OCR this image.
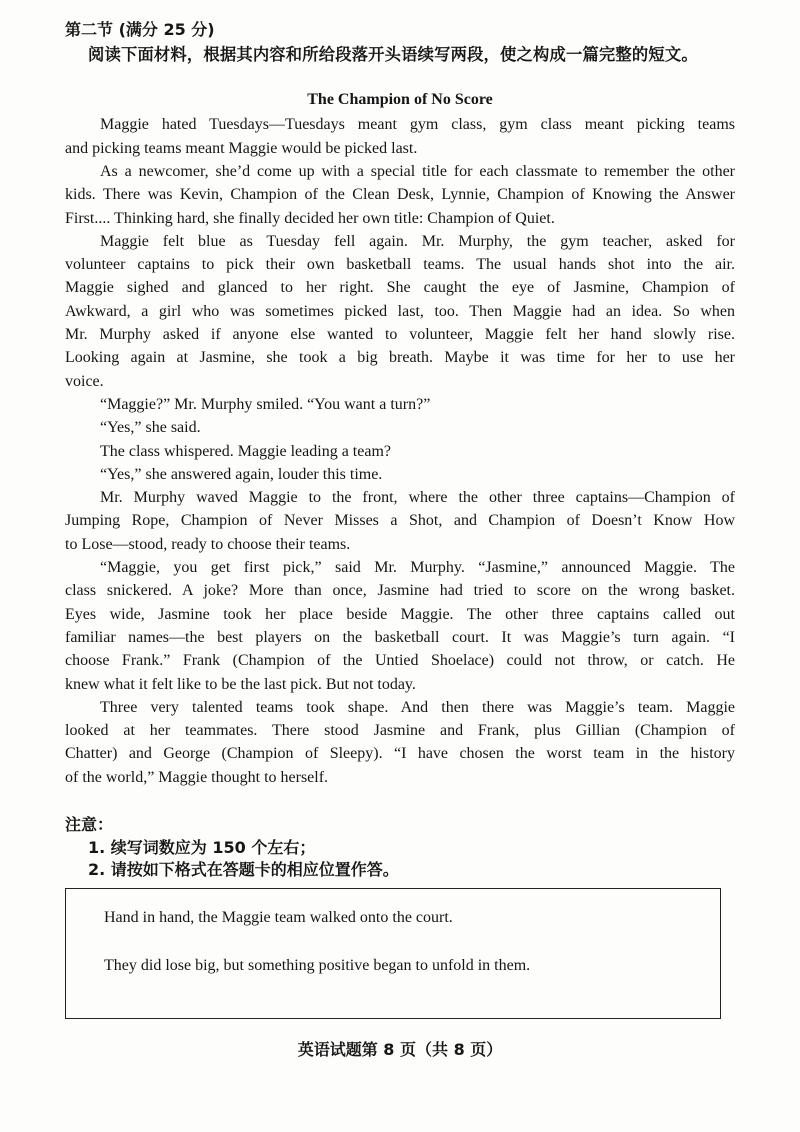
第二节 (满分 25 分)
阅读下面材料，根据其内容和所给段落开头语续写两段，使之构成一篇完整的短文。
The Champion of No Score
Maggie hated Tuesdays—Tuesdays meant gym class, gym class meant picking teams
and picking teams meant Maggie would be picked last.
As a newcomer, she’d come up with a special title for each classmate to remember the other
kids. There was Kevin, Champion of the Clean Desk, Lynnie, Champion of Knowing the Answer
First.... Thinking hard, she finally decided her own title: Champion of Quiet.
Maggie felt blue as Tuesday fell again. Mr. Murphy, the gym teacher, asked for
volunteer captains to pick their own basketball teams. The usual hands shot into the air.
Maggie sighed and glanced to her right. She caught the eye of Jasmine, Champion of
Awkward, a girl who was sometimes picked last, too. Then Maggie had an idea. So when
Mr. Murphy asked if anyone else wanted to volunteer, Maggie felt her hand slowly rise.
Looking again at Jasmine, she took a big breath. Maybe it was time for her to use her
voice.
“Maggie?” Mr. Murphy smiled. “You want a turn?”
“Yes,” she said.
The class whispered. Maggie leading a team?
“Yes,” she answered again, louder this time.
Mr. Murphy waved Maggie to the front, where the other three captains—Champion of
Jumping Rope, Champion of Never Misses a Shot, and Champion of Doesn’t Know How
to Lose—stood, ready to choose their teams.
“Maggie, you get first pick,” said Mr. Murphy. “Jasmine,” announced Maggie. The
class snickered. A joke? More than once, Jasmine had tried to score on the wrong basket.
Eyes wide, Jasmine took her place beside Maggie. The other three captains called out
familiar names—the best players on the basketball court. It was Maggie’s turn again. “I
choose Frank.” Frank (Champion of the Untied Shoelace) could not throw, or catch. He
knew what it felt like to be the last pick. But not today.
Three very talented teams took shape. And then there was Maggie’s team. Maggie
looked at her teammates. There stood Jasmine and Frank, plus Gillian (Champion of
Chatter) and George (Champion of Sleepy). “I have chosen the worst team in the history
of the world,” Maggie thought to herself.
注意：
1. 续写词数应为 150 个左右；
2. 请按如下格式在答题卡的相应位置作答。
Hand in hand, the Maggie team walked onto the court.
They did lose big, but something positive began to unfold in them.
英语试题第 8 页（共 8 页）
